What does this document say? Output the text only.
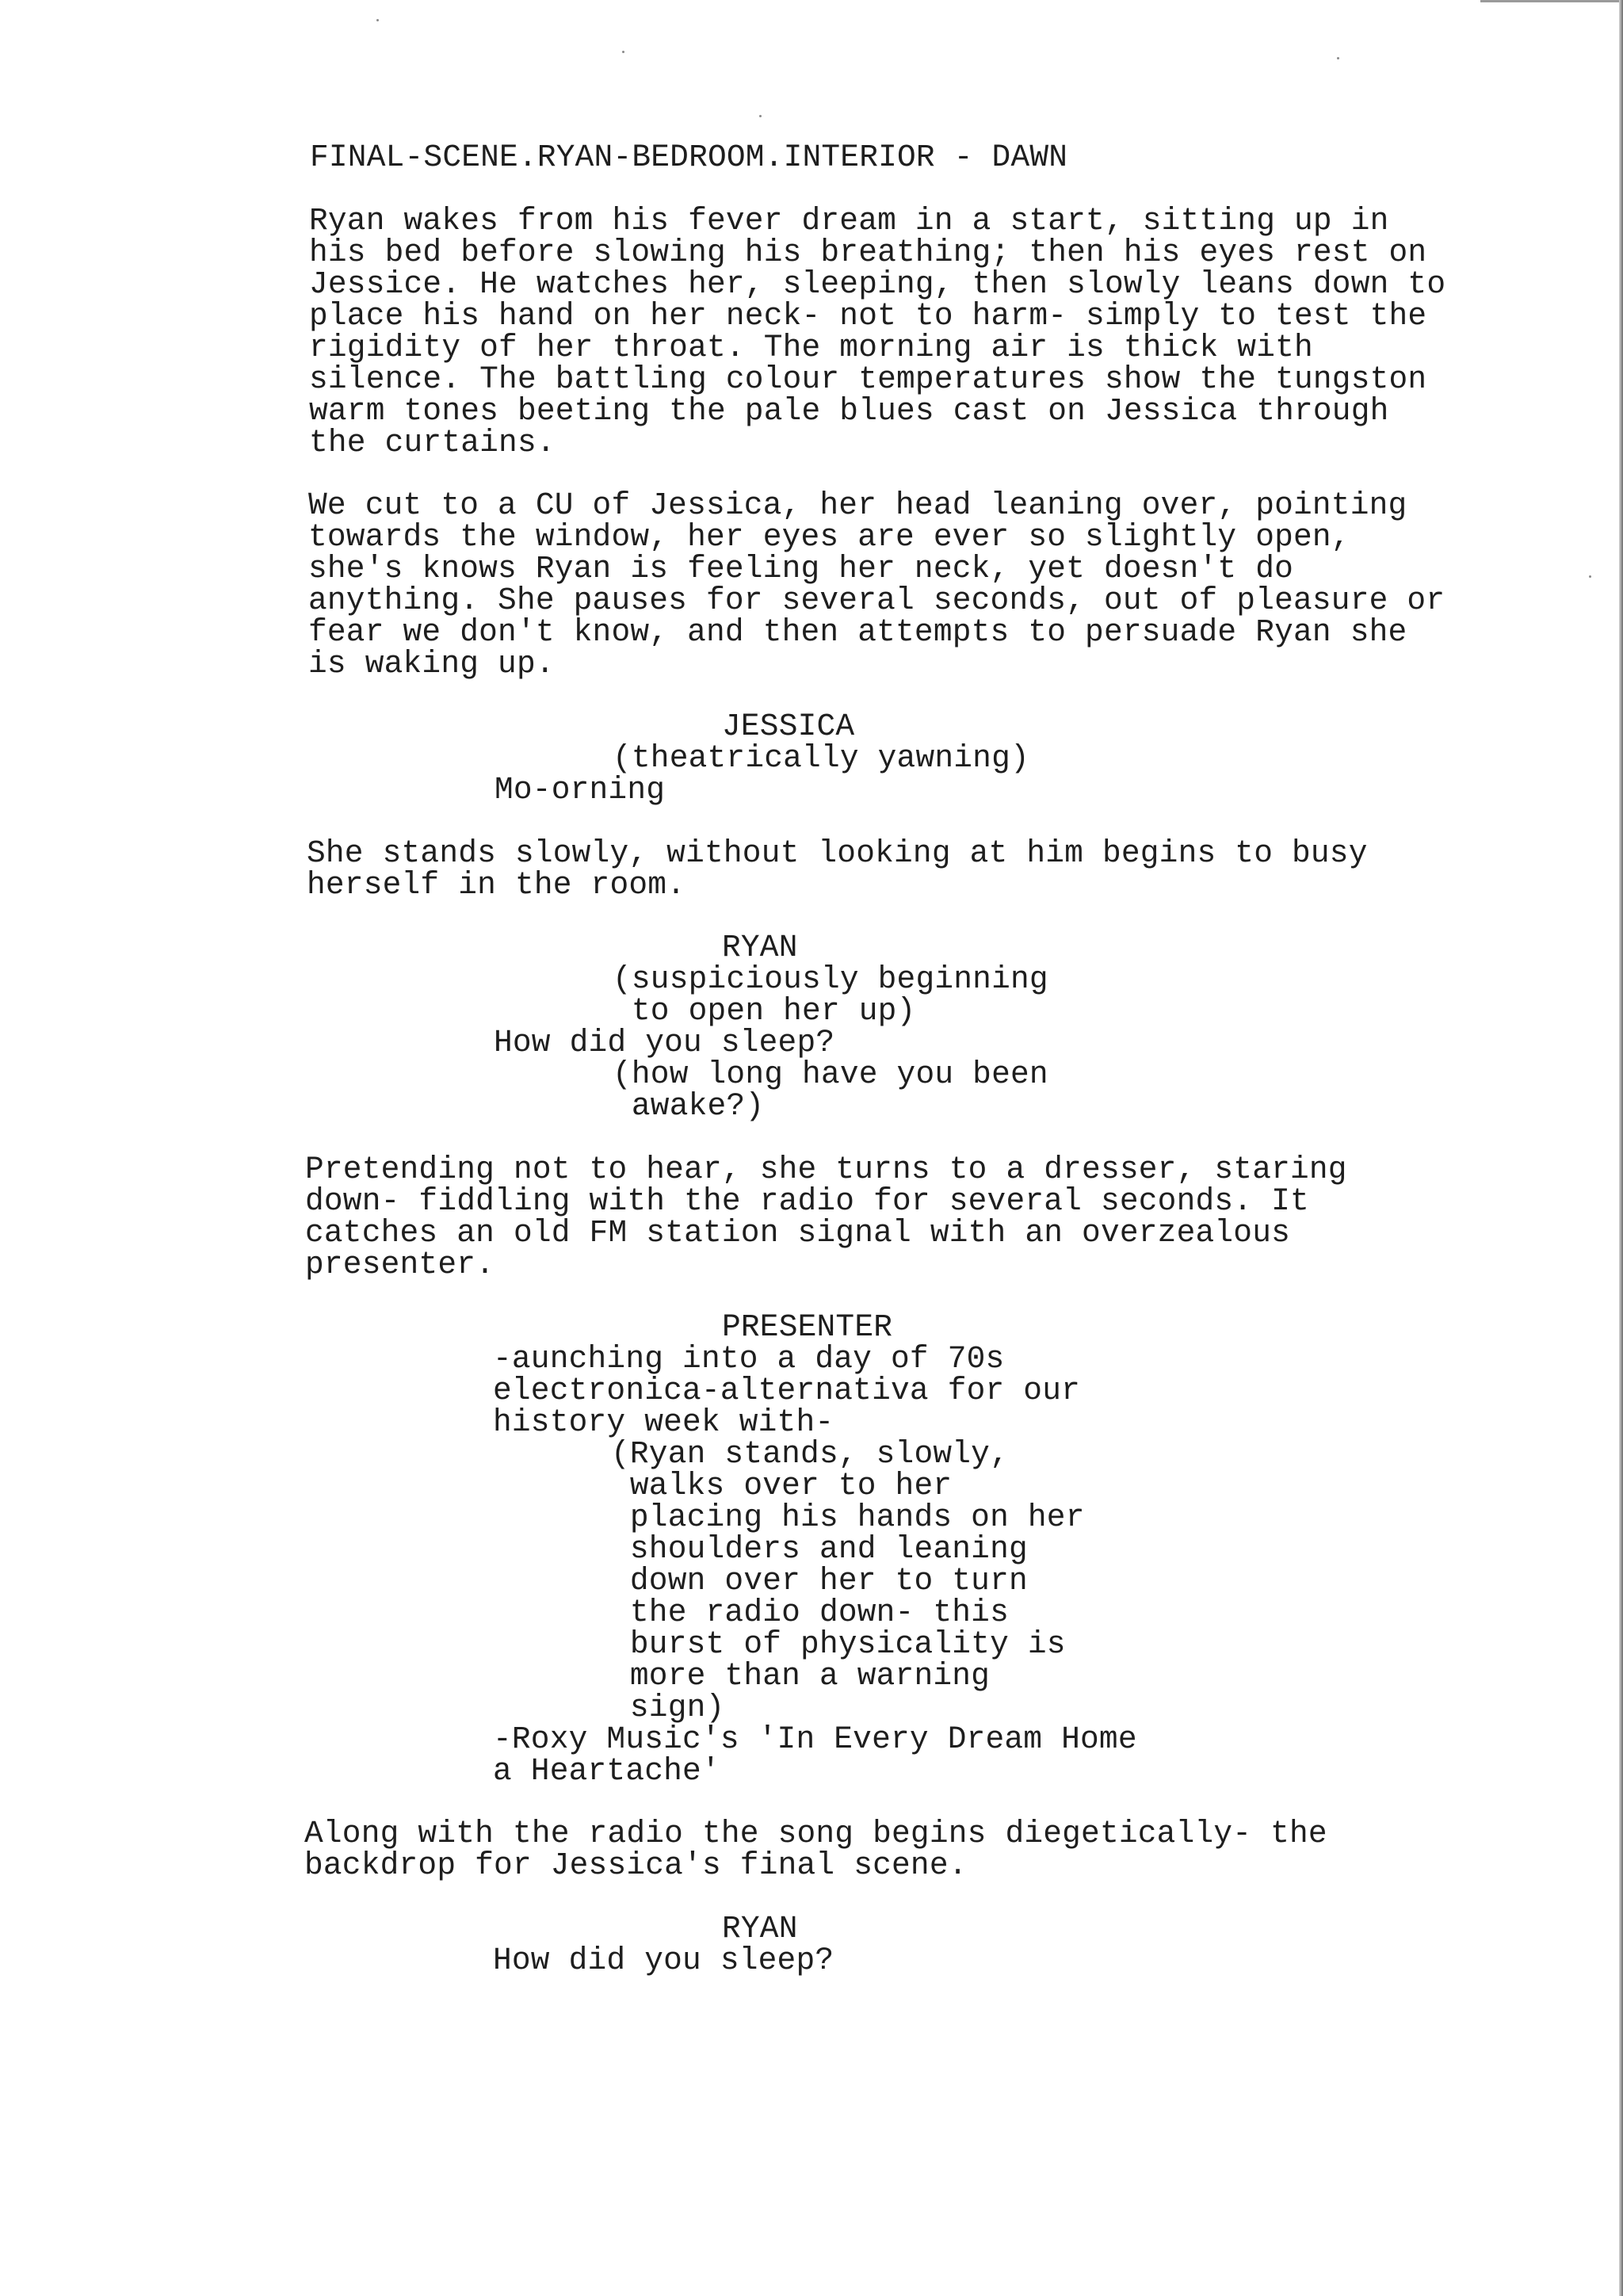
FINAL-SCENE.RYAN-BEDROOM.INTERIOR - DAWN
Ryan wakes from his fever dream in a start, sitting up in
his bed before slowing his breathing; then his eyes rest on
Jessice. He watches her, sleeping, then slowly leans down to
place his hand on her neck- not to harm- simply to test the
rigidity of her throat. The morning air is thick with
silence. The battling colour temperatures show the tungston
warm tones beeting the pale blues cast on Jessica through
the curtains.
We cut to a CU of Jessica, her head leaning over, pointing
towards the window, her eyes are ever so slightly open,
she's knows Ryan is feeling her neck, yet doesn't do
anything. She pauses for several seconds, out of pleasure or
fear we don't know, and then attempts to persuade Ryan she
is waking up.
JESSICA
(theatrically yawning)
Mo-orning
She stands slowly, without looking at him begins to busy
herself in the room.
RYAN
(suspiciously beginning
to open her up)
How did you sleep?
(how long have you been
awake?)
Pretending not to hear, she turns to a dresser, staring
down- fiddling with the radio for several seconds. It
catches an old FM station signal with an overzealous
presenter.
PRESENTER
-aunching into a day of 70s
electronica-alternativa for our
history week with-
(Ryan stands, slowly,
walks over to her
placing his hands on her
shoulders and leaning
down over her to turn
the radio down- this
burst of physicality is
more than a warning
sign)
-Roxy Music's 'In Every Dream Home
a Heartache'
Along with the radio the song begins diegetically- the
backdrop for Jessica's final scene.
RYAN
How did you sleep?
